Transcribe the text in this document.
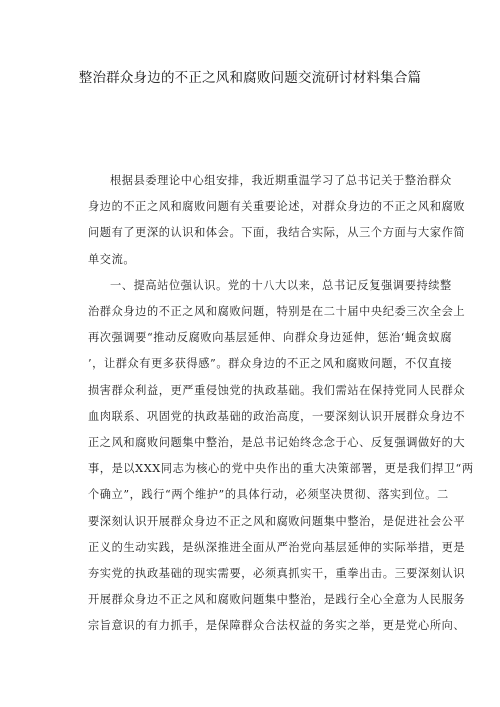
整治群众身边的不正之风和腐败问题交流研讨材料集合篇

根据县委理论中心组安排，我近期重温学习了总书记关于整治群众
身边的不正之风和腐败问题有关重要论述，对群众身边的不正之风和腐败
问题有了更深的认识和体会。下面，我结合实际，从三个方面与大家作简
单交流。

一、提高站位强认识。党的十八大以来，总书记反复强调要持续整
治群众身边的不正之风和腐败问题，特别是在二十届中央纪委三次全会上
再次强调要“推动反腐败向基层延伸、向群众身边延伸，惩治‘蝇贪蚁腐
’，让群众有更多获得感”。群众身边的不正之风和腐败问题，不仅直接
损害群众利益，更严重侵蚀党的执政基础。我们需站在保持党同人民群众
血肉联系、巩固党的执政基础的政治高度，一要深刻认识开展群众身边不
正之风和腐败问题集中整治，是总书记始终念念于心、反复强调做好的大
事，是以XXX同志为核心的党中央作出的重大决策部署，更是我们捍卫“两
个确立”，践行“两个维护”的具体行动，必须坚决贯彻、落实到位。二
要深刻认识开展群众身边不正之风和腐败问题集中整治，是促进社会公平
正义的生动实践，是纵深推进全面从严治党向基层延伸的实际举措，更是
夯实党的执政基础的现实需要，必须真抓实干，重拳出击。三要深刻认识
开展群众身边不正之风和腐败问题集中整治，是践行全心全意为人民服务
宗旨意识的有力抓手，是保障群众合法权益的务实之举，更是党心所向、
